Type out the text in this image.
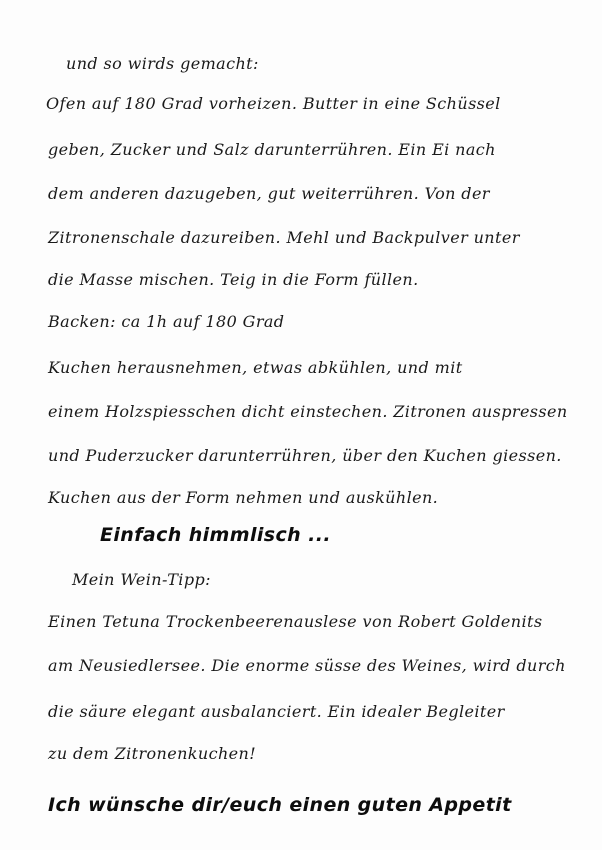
und so wirds gemacht:
Ofen auf 180 Grad vorheizen. Butter in eine Schüssel
geben, Zucker und Salz darunterrühren. Ein Ei nach
dem anderen dazugeben, gut weiterrühren. Von der
Zitronenschale dazureiben. Mehl und Backpulver unter
die Masse mischen. Teig in die Form füllen.
Backen: ca 1h auf 180 Grad
Kuchen herausnehmen, etwas abkühlen, und mit
einem Holzspiesschen dicht einstechen. Zitronen auspressen
und Puderzucker darunterrühren, über den Kuchen giessen.
Kuchen aus der Form nehmen und auskühlen.
Einfach himmlisch ...
Mein Wein-Tipp:
Einen Tetuna Trockenbeerenauslese von Robert Goldenits
am Neusiedlersee. Die enorme süsse des Weines, wird durch
die säure elegant ausbalanciert. Ein idealer Begleiter
zu dem Zitronenkuchen!
Ich wünsche dir/euch einen guten Appetit
